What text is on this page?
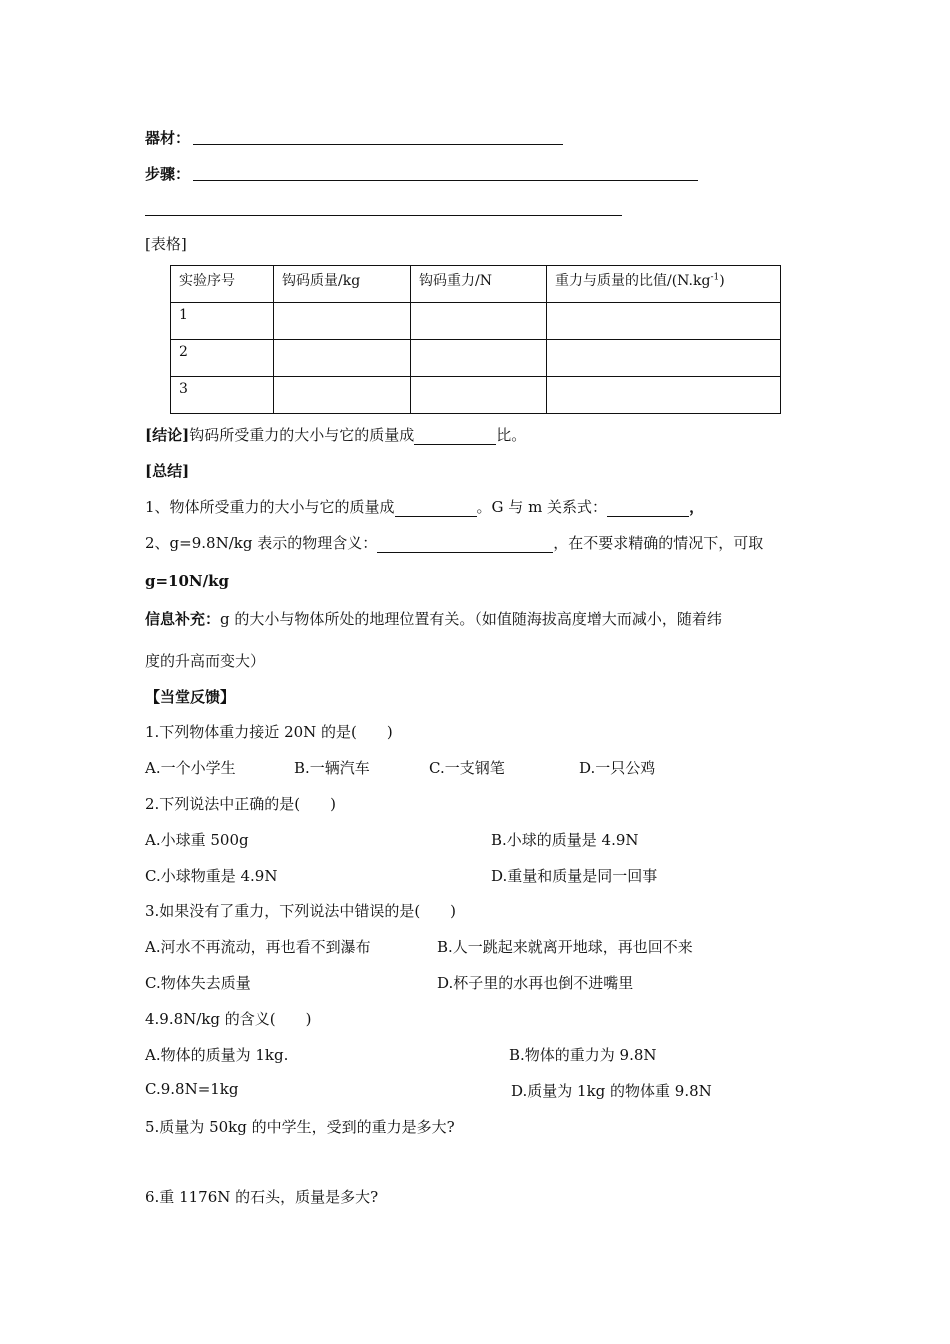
器材：
步骤：
[表格]
实验序号	钩码质量/kg	钩码重力/N	重力与质量的比值$/(N.kg^{-1})$
1			
2			
3			
[结论]钩码所受重力的大小与它的质量成	比。
[总结]
1、物体所受重力的大小与它的质量成	。G 与 m 关系式：	，
2、g=9.8N/kg 表示的物理含义：	，在不要求精确的情况下，可取
g=10N/kg
信息补充：g 的大小与物体所处的地理位置有关。（如值随海拔高度增大而减小，随着纬
度的升高而变大）
【当堂反馈】
1.下列物体重力接近 20N 的是(　　)
A.一个小学生	B.一辆汽车	C.一支钢笔	D.一只公鸡
2.下列说法中正确的是(　　)
A.小球重 500g	B.小球的质量是 4.9N
C.小球物重是 4.9N	D.重量和质量是同一回事
3.如果没有了重力，下列说法中错误的是(　　)
A.河水不再流动，再也看不到瀑布	B.人一跳起来就离开地球，再也回不来
C.物体失去质量	D.杯子里的水再也倒不进嘴里
4.9.8N/kg 的含义(　　)
A.物体的质量为 1kg.	B.物体的重力为 9.8N
C.9.8N=1kg	D.质量为 1kg 的物体重 9.8N
5.质量为 50kg 的中学生，受到的重力是多大?
6.重 1176N 的石头，质量是多大?
